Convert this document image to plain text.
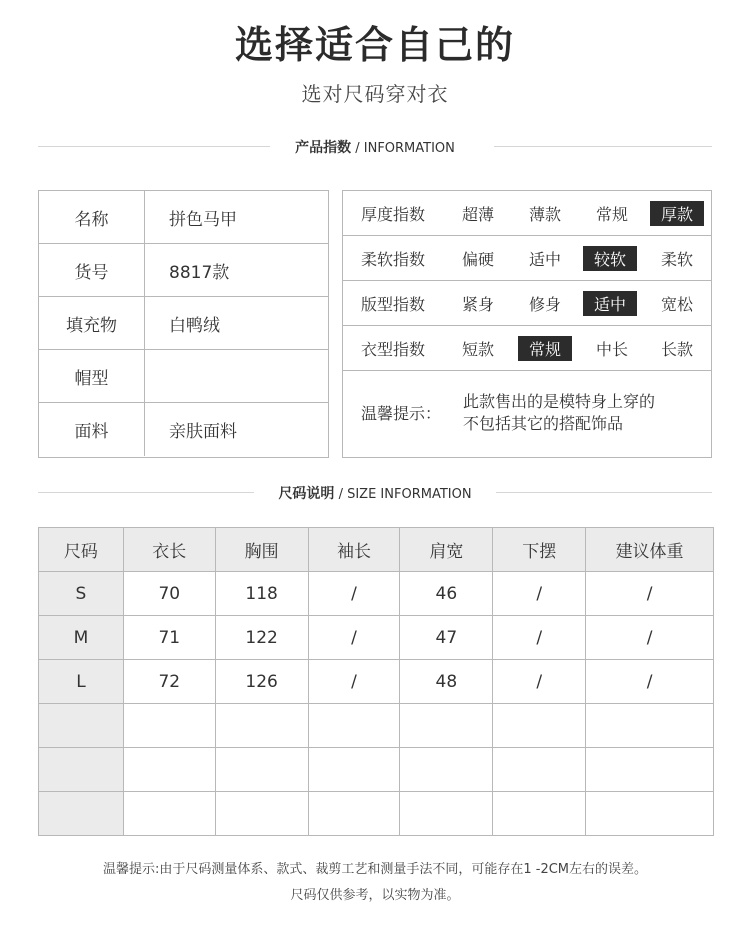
选择适合自己的
选对尺码穿对衣
产品指数 / INFORMATION
名称	拼色马甲
货号	8817款
填充物	白鸭绒
帽型
面料	亲肤面料
厚度指数	超薄	薄款	常规	厚款
柔软指数	偏硬	适中	较软	柔软
版型指数	紧身	修身	适中	宽松
衣型指数	短款	常规	中长	长款
温馨提示：
此款售出的是模特身上穿的
不包括其它的搭配饰品
尺码说明 / SIZE INFORMATION
尺码	衣长	胸围	袖长	肩宽	下摆	建议体重
S	70	118	/	46	/	/
M	71	122	/	47	/	/
L	72	126	/	48	/	/

温馨提示:由于尺码测量体系、款式、裁剪工艺和测量手法不同，可能存在1 -2CM左右的误差。
尺码仅供参考，以实物为准。
